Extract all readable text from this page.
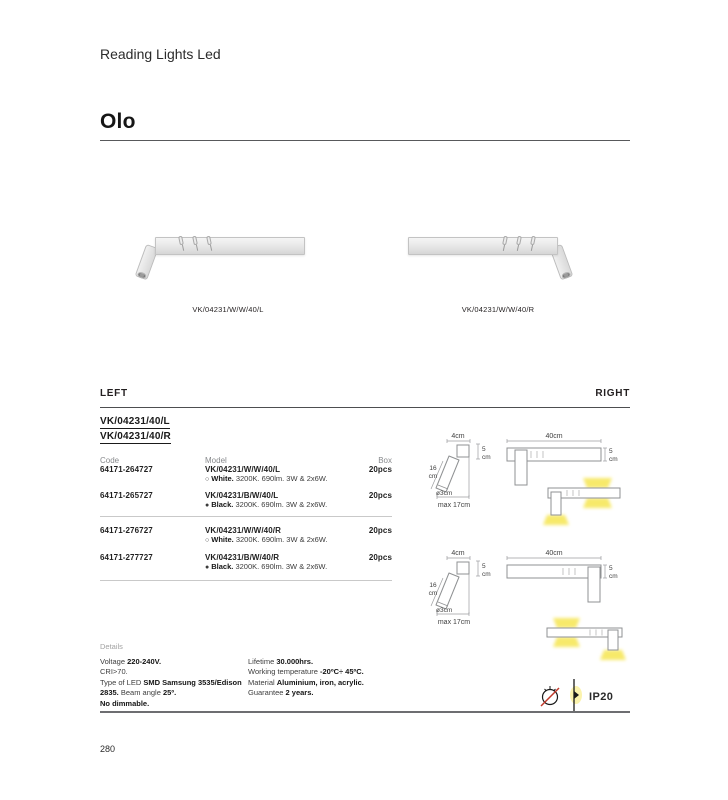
Reading Lights Led
Olo
VK/04231/W/W/40/L	VK/04231/W/W/40/R
LEFT	RIGHT
VK/04231/40/L
VK/04231/40/R
Code	Model	Box
64171-264727	VK/04231/W/W/40/L	20pcs
○ White. 3200K. 690lm. 3W & 2x6W.
64171-265727	VK/04231/B/W/40/L	20pcs
● Black. 3200K. 690lm. 3W & 2x6W.
64171-276727	VK/04231/W/W/40/R	20pcs
○ White. 3200K. 690lm. 3W & 2x6W.
64171-277727	VK/04231/B/W/40/R	20pcs
● Black. 3200K. 690lm. 3W & 2x6W.
4cm
5
cm
16
cm
ø3cm
max 17cm
40cm
5
cm
4cm
5
cm
16
cm
ø3cm
max 17cm
40cm
5
cm
Details
Voltage 220-240V.
CRI>70.
Type of LED SMD Samsung 3535/Edison
2835. Beam angle 25º.
No dimmable.
Lifetime 30.000hrs.
Working temperature -20ºC÷ 45ºC.
Material Aluminium, iron, acrylic.
Guarantee 2 years.	IP20
280
